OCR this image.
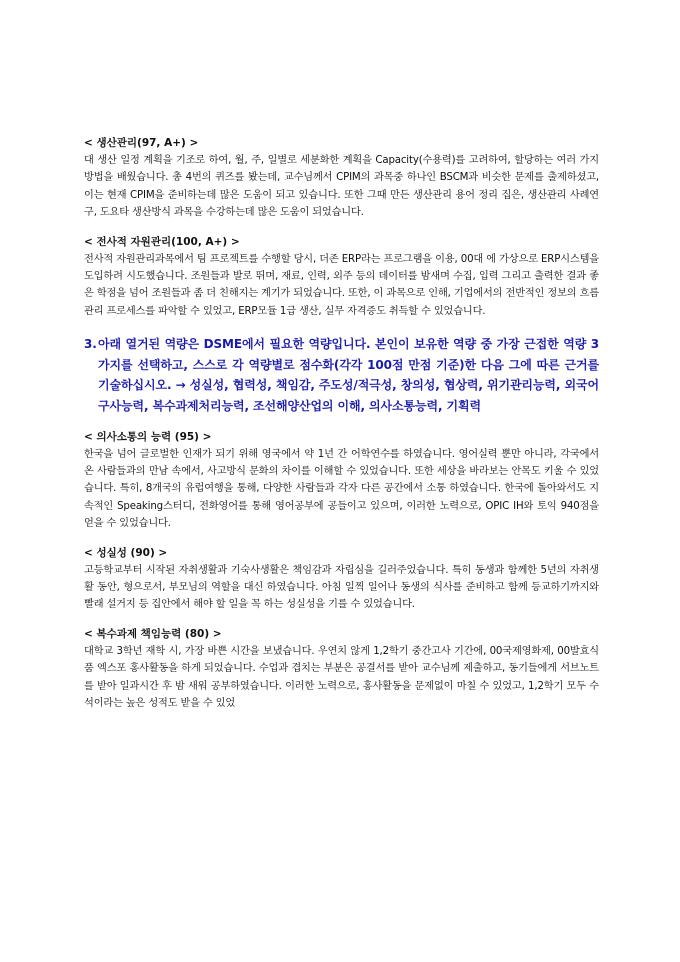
< 생산관리(97, A+) >

대 생산 일정 계획을 기조로 하여, 월, 주, 일별로 세분화한 계획을 Capacity(수용력)를 고려하여, 할당하는 여러 가지 방법을 배웠습니다. 총 4번의 퀴즈를 봤는데, 교수님께서 CPIM의 과목중 하나인 BSCM과 비슷한 문제를 출제하셨고, 이는 현재 CPIM을 준비하는데 많은 도움이 되고 있습니다. 또한 그때 만든 생산관리 용어 정리 집은, 생산관리 사례연구, 도요타 생산방식 과목을 수강하는데 많은 도움이 되었습니다.

< 전사적 자원관리(100, A+) >

전사적 자원관리과목에서 팀 프로젝트를 수행할 당시, 더존 ERP라는 프로그램을 이용, 00대 에 가상으로 ERP시스템을 도입하려 시도했습니다. 조원들과 발로 뛰며, 재료, 인력, 외주 등의 데이터를 밤새며 수집, 입력 그리고 출력한 결과 좋은 학점을 넘어 조원들과 좀 더 친해지는 계기가 되었습니다. 또한, 이 과목으로 인해, 기업에서의 전반적인 정보의 흐름 관리 프로세스를 파악할 수 있었고, ERP모듈 1급 생산, 실무 자격증도 취득할 수 있었습니다.

3.아래 열거된 역량은 DSME에서 필요한 역량입니다. 본인이 보유한 역량 중 가장 근접한 역량 3가지를 선택하고, 스스로 각 역량별로 점수화(각각 100점 만점 기준)한 다음 그에 따른 근거를 기술하십시오. → 성실성, 협력성, 책임감, 주도성/적극성, 창의성, 협상력, 위기관리능력, 외국어구사능력, 복수과제처리능력, 조선해양산업의 이해, 의사소통능력, 기획력

< 의사소통의 능력 (95) >

한국을 넘어 글로벌한 인재가 되기 위해 영국에서 약 1년 간 어학연수를 하였습니다. 영어실력 뿐만 아니라, 각국에서 온 사람들과의 만남 속에서, 사고방식 문화의 차이를 이해할 수 있었습니다. 또한 세상을 바라보는 안목도 키울 수 있었습니다. 특히, 8개국의 유럽여행을 통해, 다양한 사람들과 각자 다른 공간에서 소통 하였습니다. 한국에 돌아와서도 지속적인 Speaking스터디, 전화영어를 통해 영어공부에 공들이고 있으며, 이러한 노력으로, OPIC IH와 토익 940점을 얻을 수 있었습니다.

< 성실성 (90) >

고등학교부터 시작된 자취생활과 기숙사생활은 책임감과 자립심을 길러주었습니다. 특히 동생과 함께한 5년의 자취생활 동안, 형으로서, 부모님의 역할을 대신 하였습니다. 아침 일찍 일어나 동생의 식사를 준비하고 함께 등교하기까지와 빨래 설거지 등 집안에서 해야 할 일을 꼭 하는 성실성을 기를 수 있었습니다.

< 복수과제 책임능력 (80) >

대학교 3학년 재학 시, 가장 바쁜 시간을 보냈습니다. 우연치 않게 1,2학기 중간고사 기간에, 00국제영화제, 00발효식품 엑스포 홍사활동을 하게 되었습니다. 수업과 겹치는 부분은 공결서를 받아 교수님께 제출하고, 동기들에게 서브노트를 받아 일과시간 후 밤 새워 공부하였습니다. 이러한 노력으로, 홍사활동을 문제없이 마칠 수 있었고, 1,2학기 모두 수석이라는 높은 성적도 받을 수 있었
